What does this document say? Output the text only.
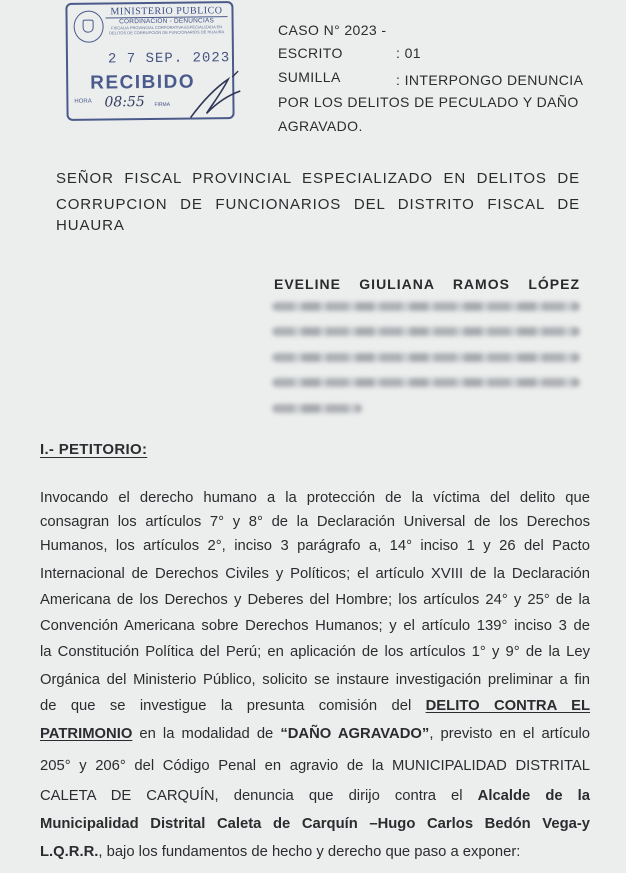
MINISTERIO PUBLICO
CORDINACION - DENUNCIAS
FISCALIA PROVINCIAL CORPORATIVA ESPECIALIZADA EN DELITOS DE CORRUPCION DE FUNCIONARIOS DE HUAURA
2 7 SEP. 2023
RECIBIDO
HORA 08:55 FIRMA
CASO N° 2023 -
ESCRITO	: 01
SUMILLA	: INTERPONGO DENUNCIA
POR LOS DELITOS DE PECULADO Y DAÑO
AGRAVADO.
SEÑOR FISCAL PROVINCIAL ESPECIALIZADO EN DELITOS DE
CORRUPCION DE FUNCIONARIOS DEL DISTRITO FISCAL DE
HUAURA
EVELINE GIULIANA RAMOS LÓPEZ
I.- PETITORIO:
Invocando el derecho humano a la protección de la víctima del delito que
consagran los artículos 7° y 8° de la Declaración Universal de los Derechos
Humanos, los artículos 2°, inciso 3 parágrafo a, 14° inciso 1 y 26 del Pacto
Internacional de Derechos Civiles y Políticos; el artículo XVIII de la Declaración
Americana de los Derechos y Deberes del Hombre; los artículos 24° y 25° de la
Convención Americana sobre Derechos Humanos; y el artículo 139° inciso 3 de
la Constitución Política del Perú; en aplicación de los artículos 1° y 9° de la Ley
Orgánica del Ministerio Público, solicito se instaure investigación preliminar a fin
de que se investigue la presunta comisión del DELITO CONTRA EL
PATRIMONIO en la modalidad de “DAÑO AGRAVADO”, previsto en el artículo
205° y 206° del Código Penal en agravio de la MUNICIPALIDAD DISTRITAL
CALETA DE CARQUÍN, denuncia que dirijo contra el Alcalde de la
Municipalidad Distrital Caleta de Carquín –Hugo Carlos Bedón Vega-y
L.Q.R.R., bajo los fundamentos de hecho y derecho que paso a exponer:
